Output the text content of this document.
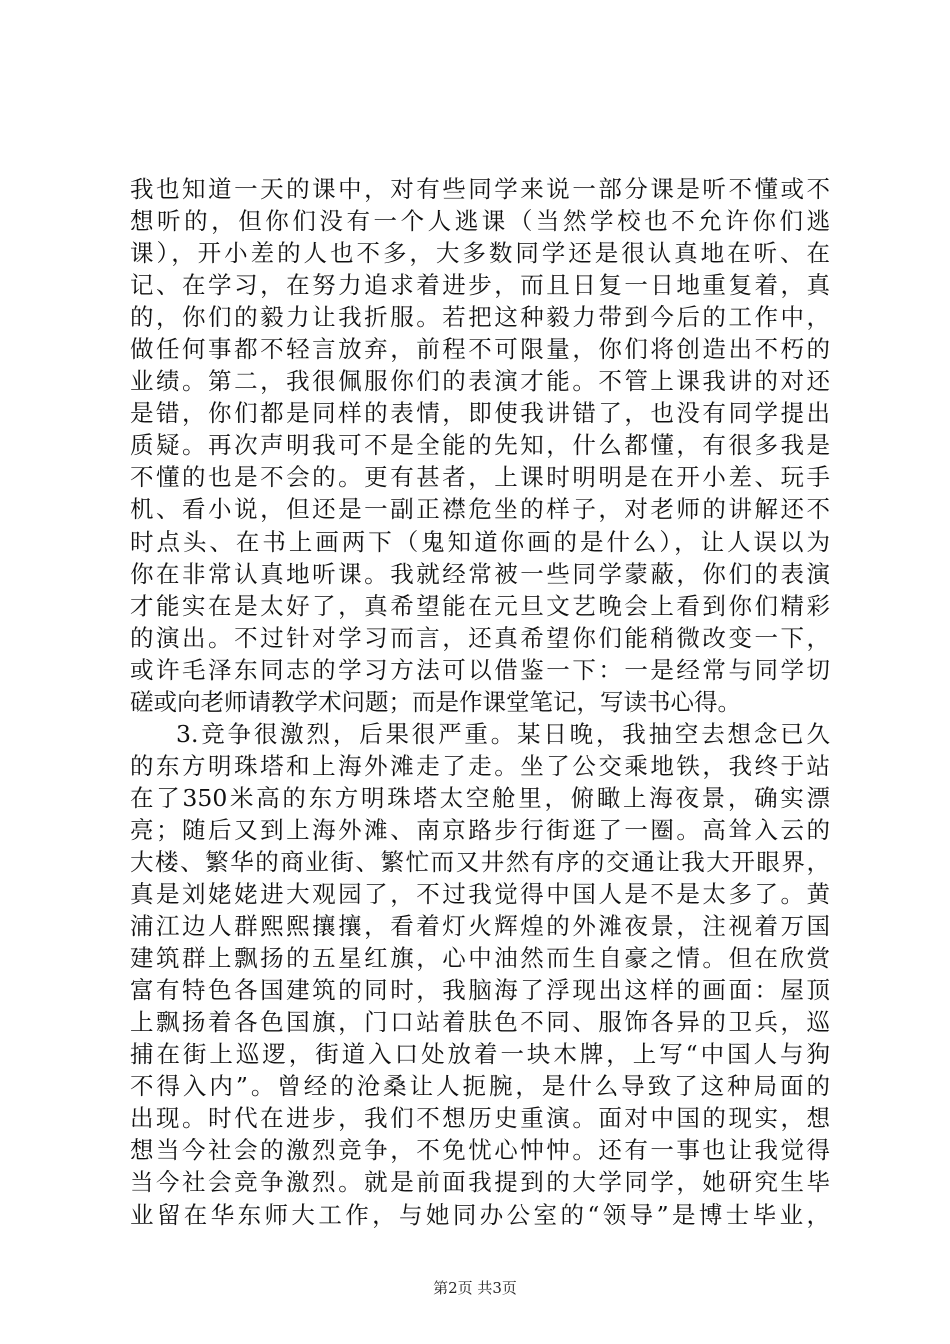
我也知道一天的课中，对有些同学来说一部分课是听不懂或不
想听的，但你们没有一个人逃课（当然学校也不允许你们逃
课），开小差的人也不多，大多数同学还是很认真地在听、在
记、在学习，在努力追求着进步，而且日复一日地重复着，真
的，你们的毅力让我折服。若把这种毅力带到今后的工作中，
做任何事都不轻言放弃，前程不可限量，你们将创造出不朽的
业绩。第二，我很佩服你们的表演才能。不管上课我讲的对还
是错，你们都是同样的表情，即使我讲错了，也没有同学提出
质疑。再次声明我可不是全能的先知，什么都懂，有很多我是
不懂的也是不会的。更有甚者，上课时明明是在开小差、玩手
机、看小说，但还是一副正襟危坐的样子，对老师的讲解还不
时点头、在书上画两下（鬼知道你画的是什么），让人误以为
你在非常认真地听课。我就经常被一些同学蒙蔽，你们的表演
才能实在是太好了，真希望能在元旦文艺晚会上看到你们精彩
的演出。不过针对学习而言，还真希望你们能稍微改变一下，
或许毛泽东同志的学习方法可以借鉴一下：一是经常与同学切
磋或向老师请教学术问题；而是作课堂笔记，写读书心得。
3.竞争很激烈，后果很严重。某日晚，我抽空去想念已久
的东方明珠塔和上海外滩走了走。坐了公交乘地铁，我终于站
在了350米高的东方明珠塔太空舱里，俯瞰上海夜景，确实漂
亮；随后又到上海外滩、南京路步行街逛了一圈。高耸入云的
大楼、繁华的商业街、繁忙而又井然有序的交通让我大开眼界，
真是刘姥姥进大观园了，不过我觉得中国人是不是太多了。黄
浦江边人群熙熙攘攘，看着灯火辉煌的外滩夜景，注视着万国
建筑群上飘扬的五星红旗，心中油然而生自豪之情。但在欣赏
富有特色各国建筑的同时，我脑海了浮现出这样的画面：屋顶
上飘扬着各色国旗，门口站着肤色不同、服饰各异的卫兵，巡
捕在街上巡逻，街道入口处放着一块木牌，上写“中国人与狗
不得入内”。曾经的沧桑让人扼腕，是什么导致了这种局面的
出现。时代在进步，我们不想历史重演。面对中国的现实，想
想当今社会的激烈竞争，不免忧心忡忡。还有一事也让我觉得
当今社会竞争激烈。就是前面我提到的大学同学，她研究生毕
业留在华东师大工作，与她同办公室的“领导”是博士毕业，
第2页 共3页
